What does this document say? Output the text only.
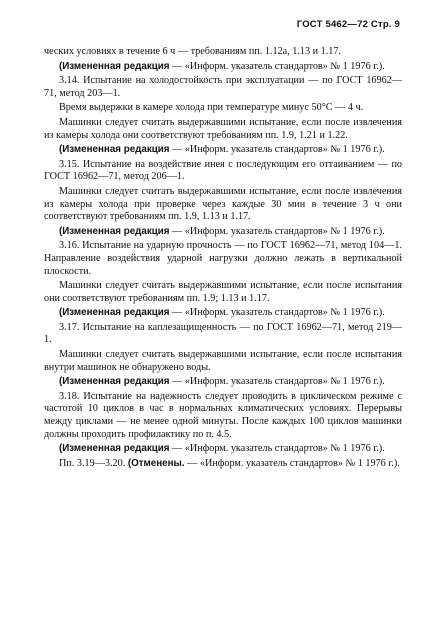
ГОСТ 5462—72 Стр. 9

ческих условиях в течение 6 ч — требованиям пп. 1.12а, 1.13 и 1.17.

(Измененная редакция — «Информ. указатель стандартов» № 1 1976 г.).

3.14. Испытание на холодостойкость при эксплуатации — по ГОСТ 16962—71, метод 203—1.

Время выдержки в камере холода при температуре минус 50°С — 4 ч.

Машинки следует считать выдержавшими испытание, если после извлечения из камеры холода они соответствуют требованиям пп. 1.9, 1.21 и 1.22.

(Измененная редакция — «Информ. указатель стандартов» № 1 1976 г.).

3.15. Испытание на воздействие инея с последующим его оттаиванием — по ГОСТ 16962—71, метод 206—1.

Машинки следует считать выдержавшими испытание, если после извлечения из камеры холода при проверке через каждые 30 мин в течение 3 ч они соответствуют требованиям пп. 1.9, 1.13 и 1.17.

(Измененная редакция — «Информ. указатель стандартов» № 1 1976 г.).

3.16. Испытание на ударную прочность — по ГОСТ 16962—71, метод 104—1. Направление воздействия ударной нагрузки должно лежать в вертикальной плоскости.

Машинки следует считать выдержавшими испытание, если после испытания они соответствуют требованиям пп. 1.9; 1.13 и 1.17.

(Измененная редакция — «Информ. указатель стандартов» № 1 1976 г.).

3.17. Испытание на каплезащищенность — по ГОСТ 16962—71, метод 219—1.

Машинки следует считать выдержавшими испытание, если после испытания внутри машинок не обнаружено воды.

(Измененная редакция — «Информ. указатель стандартов» № 1 1976 г.).

3.18. Испытание на надежность следует проводить в циклическом режиме с частотой 10 циклов в час в нормальных климатических условиях. Перерывы между циклами — не менее одной минуты. После каждых 100 циклов машинки должны проходить профилактику по п. 4.5.

(Измененная редакция — «Информ. указатель стандартов» № 1 1976 г.).

Пп. 3.19—3.20. (Отменены. — «Информ. указатель стандартов» № 1 1976 г.).
